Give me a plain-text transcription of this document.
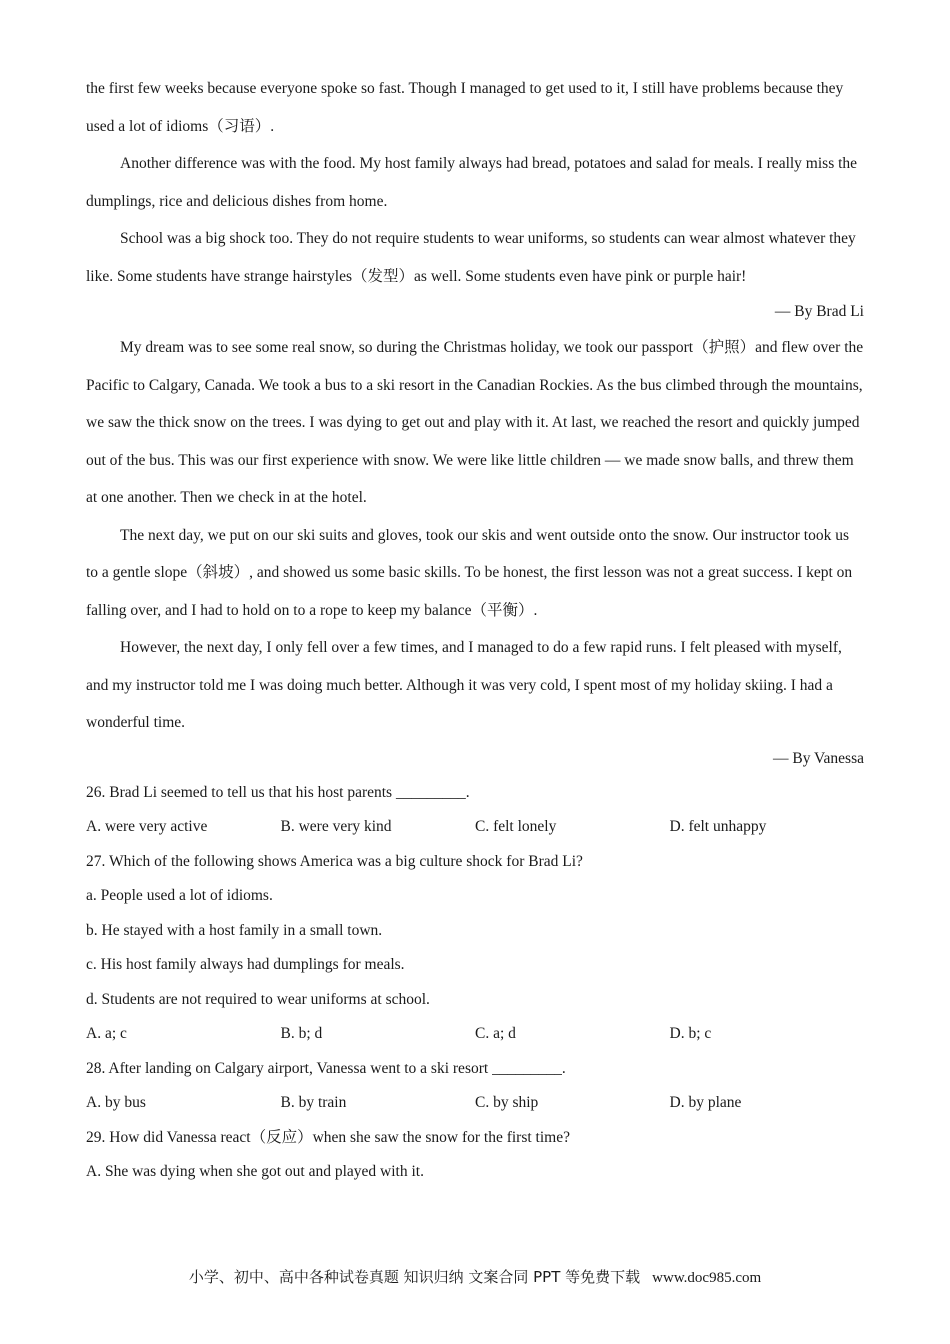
the first few weeks because everyone spoke so fast. Though I managed to get used to it, I still have problems because they used a lot of idioms（习语）.

Another difference was with the food. My host family always had bread, potatoes and salad for meals. I really miss the dumplings, rice and delicious dishes from home.

School was a big shock too. They do not require students to wear uniforms, so students can wear almost whatever they like. Some students have strange hairstyles（发型）as well. Some students even have pink or purple hair!

— By Brad Li

My dream was to see some real snow, so during the Christmas holiday, we took our passport（护照）and flew over the Pacific to Calgary, Canada. We took a bus to a ski resort in the Canadian Rockies. As the bus climbed through the mountains, we saw the thick snow on the trees. I was dying to get out and play with it. At last, we reached the resort and quickly jumped out of the bus. This was our first experience with snow. We were like little children — we made snow balls, and threw them at one another. Then we check in at the hotel.

The next day, we put on our ski suits and gloves, took our skis and went outside onto the snow. Our instructor took us to a gentle slope（斜坡）, and showed us some basic skills. To be honest, the first lesson was not a great success. I kept on falling over, and I had to hold on to a rope to keep my balance（平衡）.

However, the next day, I only fell over a few times, and I managed to do a few rapid runs. I felt pleased with myself, and my instructor told me I was doing much better. Although it was very cold, I spent most of my holiday skiing. I had a wonderful time.

— By Vanessa

26. Brad Li seemed to tell us that his host parents _________.

A. were very active	B. were very kind	C. felt lonely	D. felt unhappy

27. Which of the following shows America was a big culture shock for Brad Li?

a. People used a lot of idioms.

b. He stayed with a host family in a small town.

c. His host family always had dumplings for meals.

d. Students are not required to wear uniforms at school.

A. a; c	B. b; d	C. a; d	D. b; c

28. After landing on Calgary airport, Vanessa went to a ski resort _________.

A. by bus	B. by train	C. by ship	D. by plane

29. How did Vanessa react（反应）when she saw the snow for the first time?

A. She was dying when she got out and played with it.

小学、初中、高中各种试卷真题 知识归纳 文案合同 PPT 等免费下载 www.doc985.com
